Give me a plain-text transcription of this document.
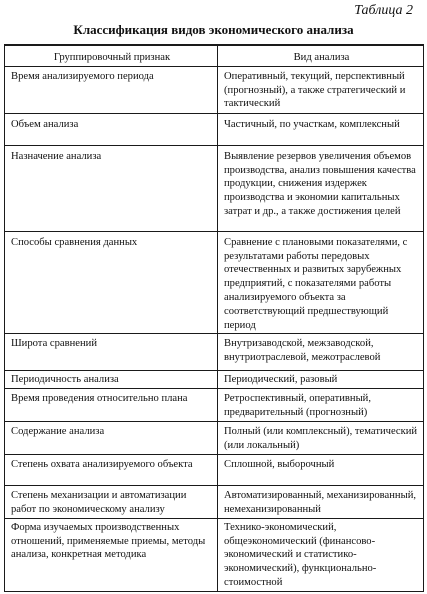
Таблица 2
Классификация видов экономического анализа
Группировочный признак	Вид анализа
Время анализируемого периода	Оперативный, текущий, перспективный (прогнозный), а также стратегический и тактический
Объем анализа	Частичный, по участкам, комплексный
Назначение анализа	Выявление резервов увеличения объемов производства, анализ повышения качества продукции, снижения издержек производства и экономии капитальных затрат и др., а также достижения целей
Способы сравнения данных	Сравнение с плановыми показателями, с результатами работы передовых отечественных и развитых зарубежных предприятий, с показателями работы анализируемого объекта за соответствующий предшествующий период
Широта сравнений	Внутризаводской, межзаводской, внутриотраслевой, межотраслевой
Периодичность анализа	Периодический, разовый
Время проведения относительно плана	Ретроспективный, оперативный, предварительный (прогнозный)
Содержание анализа	Полный (или комплексный), тематический (или локальный)
Степень охвата анализируемого объекта	Сплошной, выборочный
Степень механизации и автоматизации работ по экономическому анализу	Автоматизированный, механизированный, немеханизированный
Форма изучаемых производственных отношений, применяемые приемы, методы анализа, конкретная методика	Технико-экономический, общеэкономический (финансово-экономический и статистико-экономический), функционально-стоимостной
